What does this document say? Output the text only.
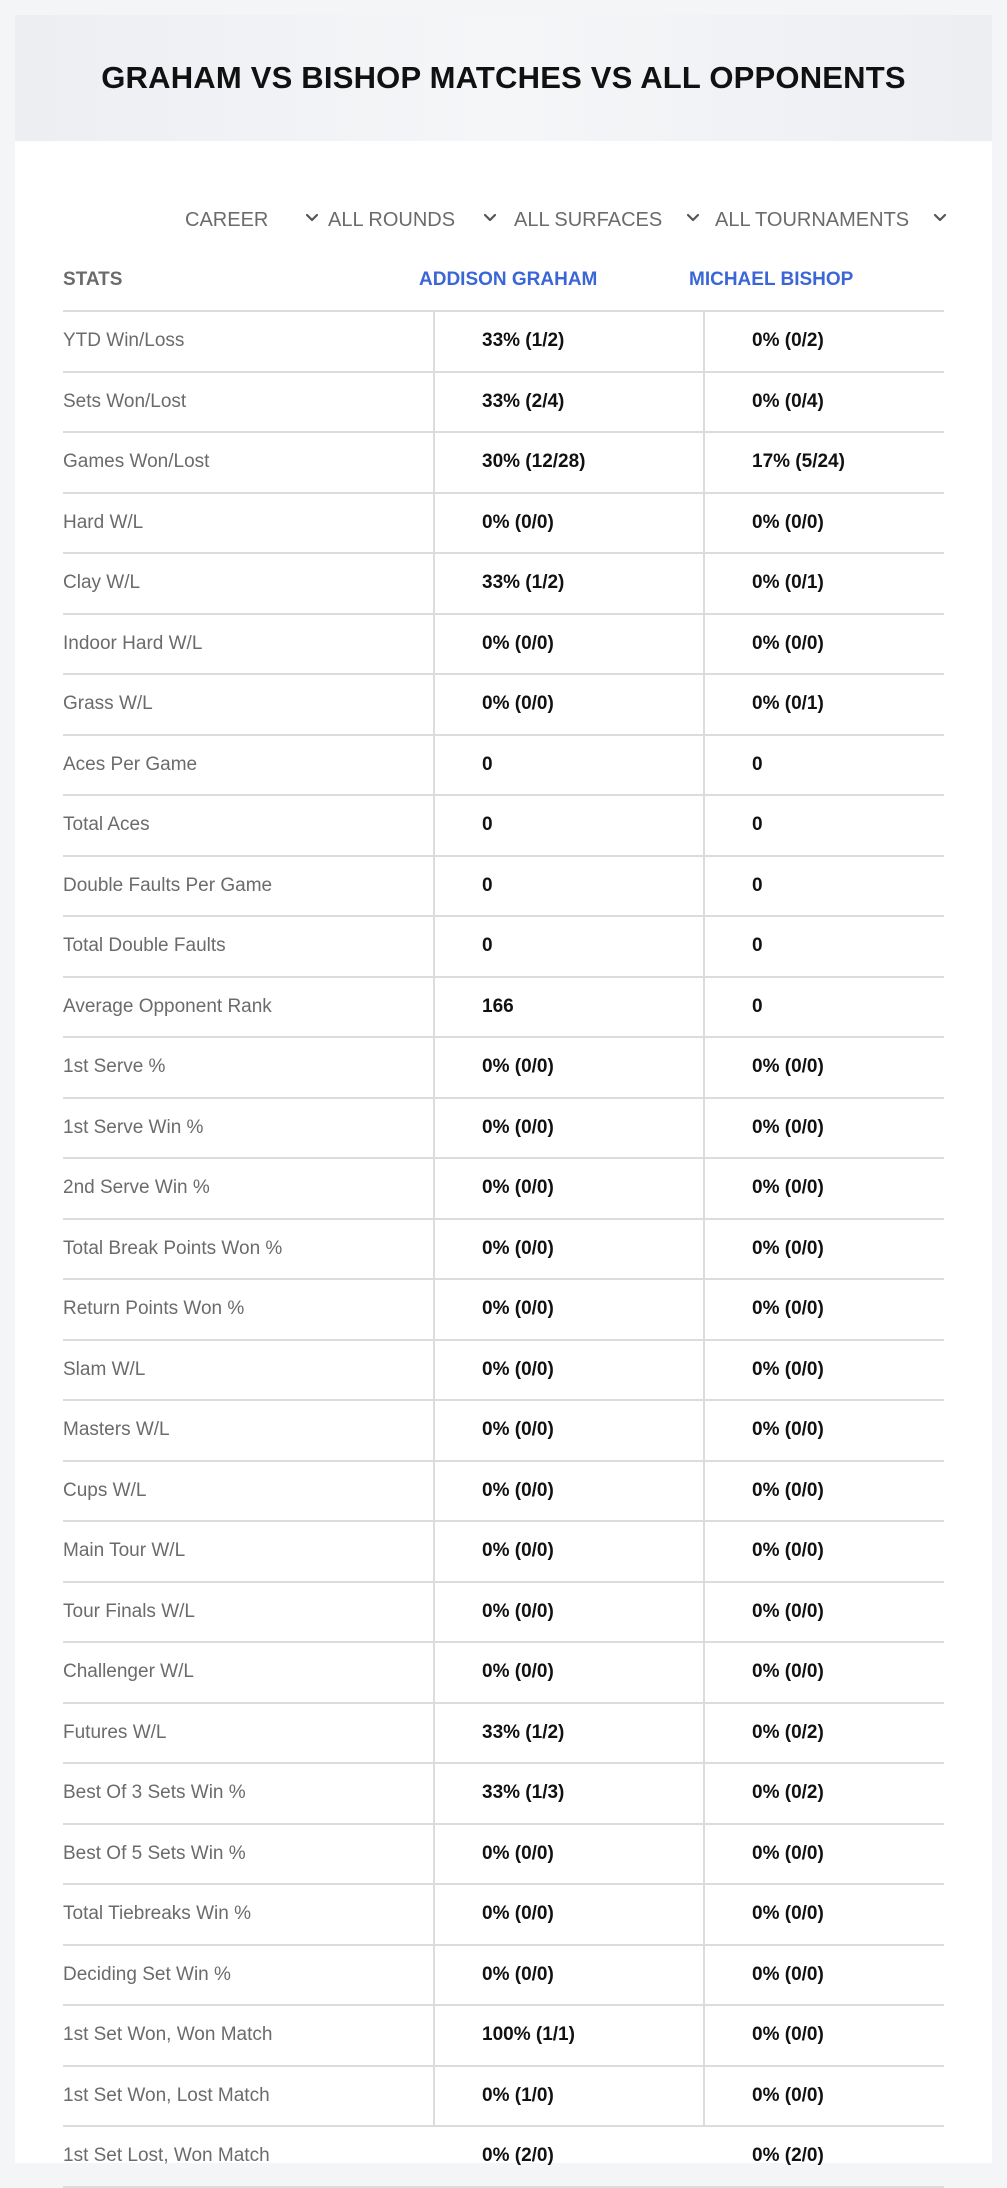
GRAHAM VS BISHOP MATCHES VS ALL OPPONENTS
CAREER	ALL ROUNDS	ALL SURFACES	ALL TOURNAMENTS
STATS	ADDISON GRAHAM	MICHAEL BISHOP
YTD Win/Loss	33% (1/2)	0% (0/2)
Sets Won/Lost	33% (2/4)	0% (0/4)
Games Won/Lost	30% (12/28)	17% (5/24)
Hard W/L	0% (0/0)	0% (0/0)
Clay W/L	33% (1/2)	0% (0/1)
Indoor Hard W/L	0% (0/0)	0% (0/0)
Grass W/L	0% (0/0)	0% (0/1)
Aces Per Game	0	0
Total Aces	0	0
Double Faults Per Game	0	0
Total Double Faults	0	0
Average Opponent Rank	166	0
1st Serve %	0% (0/0)	0% (0/0)
1st Serve Win %	0% (0/0)	0% (0/0)
2nd Serve Win %	0% (0/0)	0% (0/0)
Total Break Points Won %	0% (0/0)	0% (0/0)
Return Points Won %	0% (0/0)	0% (0/0)
Slam W/L	0% (0/0)	0% (0/0)
Masters W/L	0% (0/0)	0% (0/0)
Cups W/L	0% (0/0)	0% (0/0)
Main Tour W/L	0% (0/0)	0% (0/0)
Tour Finals W/L	0% (0/0)	0% (0/0)
Challenger W/L	0% (0/0)	0% (0/0)
Futures W/L	33% (1/2)	0% (0/2)
Best Of 3 Sets Win %	33% (1/3)	0% (0/2)
Best Of 5 Sets Win %	0% (0/0)	0% (0/0)
Total Tiebreaks Win %	0% (0/0)	0% (0/0)
Deciding Set Win %	0% (0/0)	0% (0/0)
1st Set Won, Won Match	100% (1/1)	0% (0/0)
1st Set Won, Lost Match	0% (1/0)	0% (0/0)
1st Set Lost, Won Match	0% (2/0)	0% (2/0)
